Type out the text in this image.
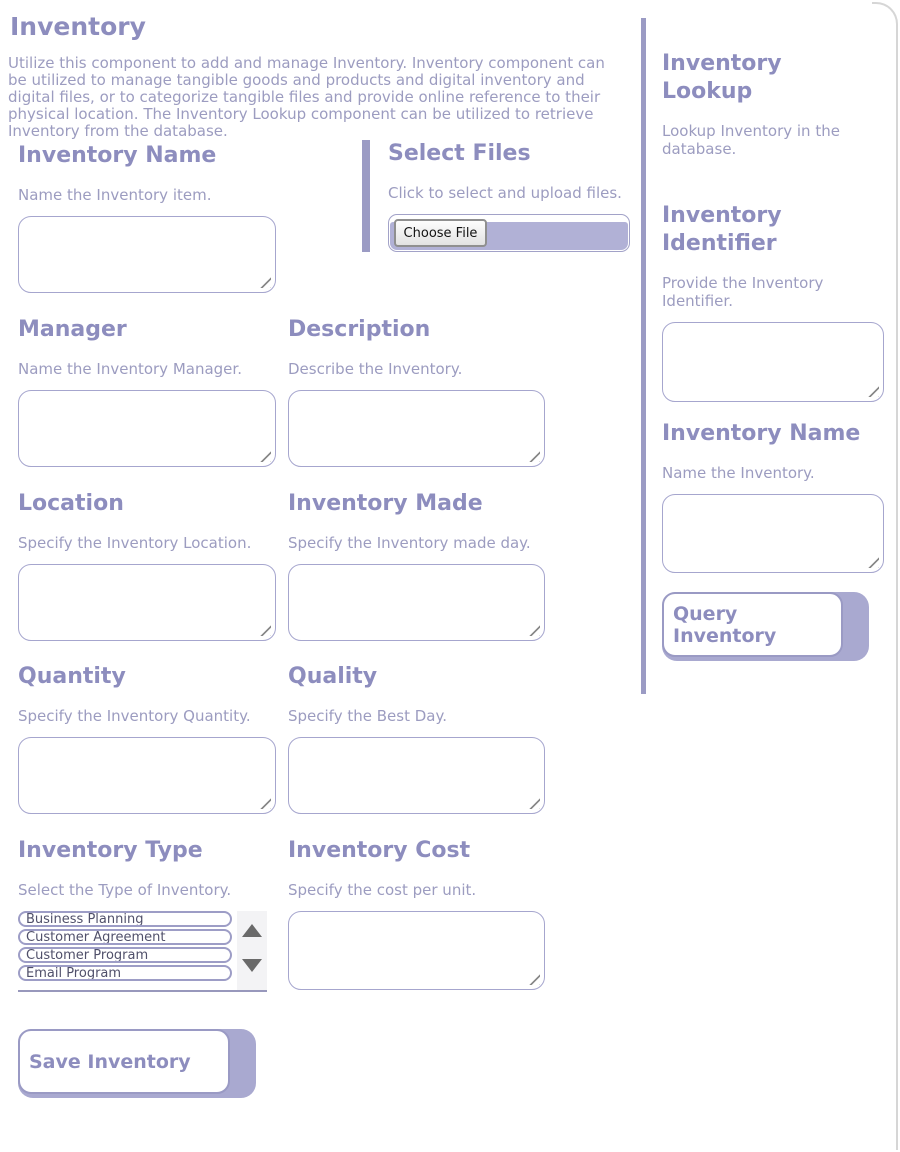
Inventory
Utilize this component to add and manage Inventory. Inventory component can be utilized to manage tangible goods and products and digital inventory and digital files, or to categorize tangible files and provide online reference to their physical location. The Inventory Lookup component can be utilized to retrieve Inventory from the database.
Inventory Name
Name the Inventory item.
Select Files
Click to select and upload files.
Choose File
Manager
Name the Inventory Manager.
Description
Describe the Inventory.
Location
Specify the Inventory Location.
Inventory Made
Specify the Inventory made day.
Quantity
Specify the Inventory Quantity.
Quality
Specify the Best Day.
Inventory Type
Select the Type of Inventory.
Business Planning
Customer Agreement
Customer Program
Email Program
Inventory Cost
Specify the cost per unit.
Save Inventory
Inventory Lookup
Lookup Inventory in the database.
Inventory Identifier
Provide the Inventory Identifier.
Inventory Name
Name the Inventory.
Query Inventory
